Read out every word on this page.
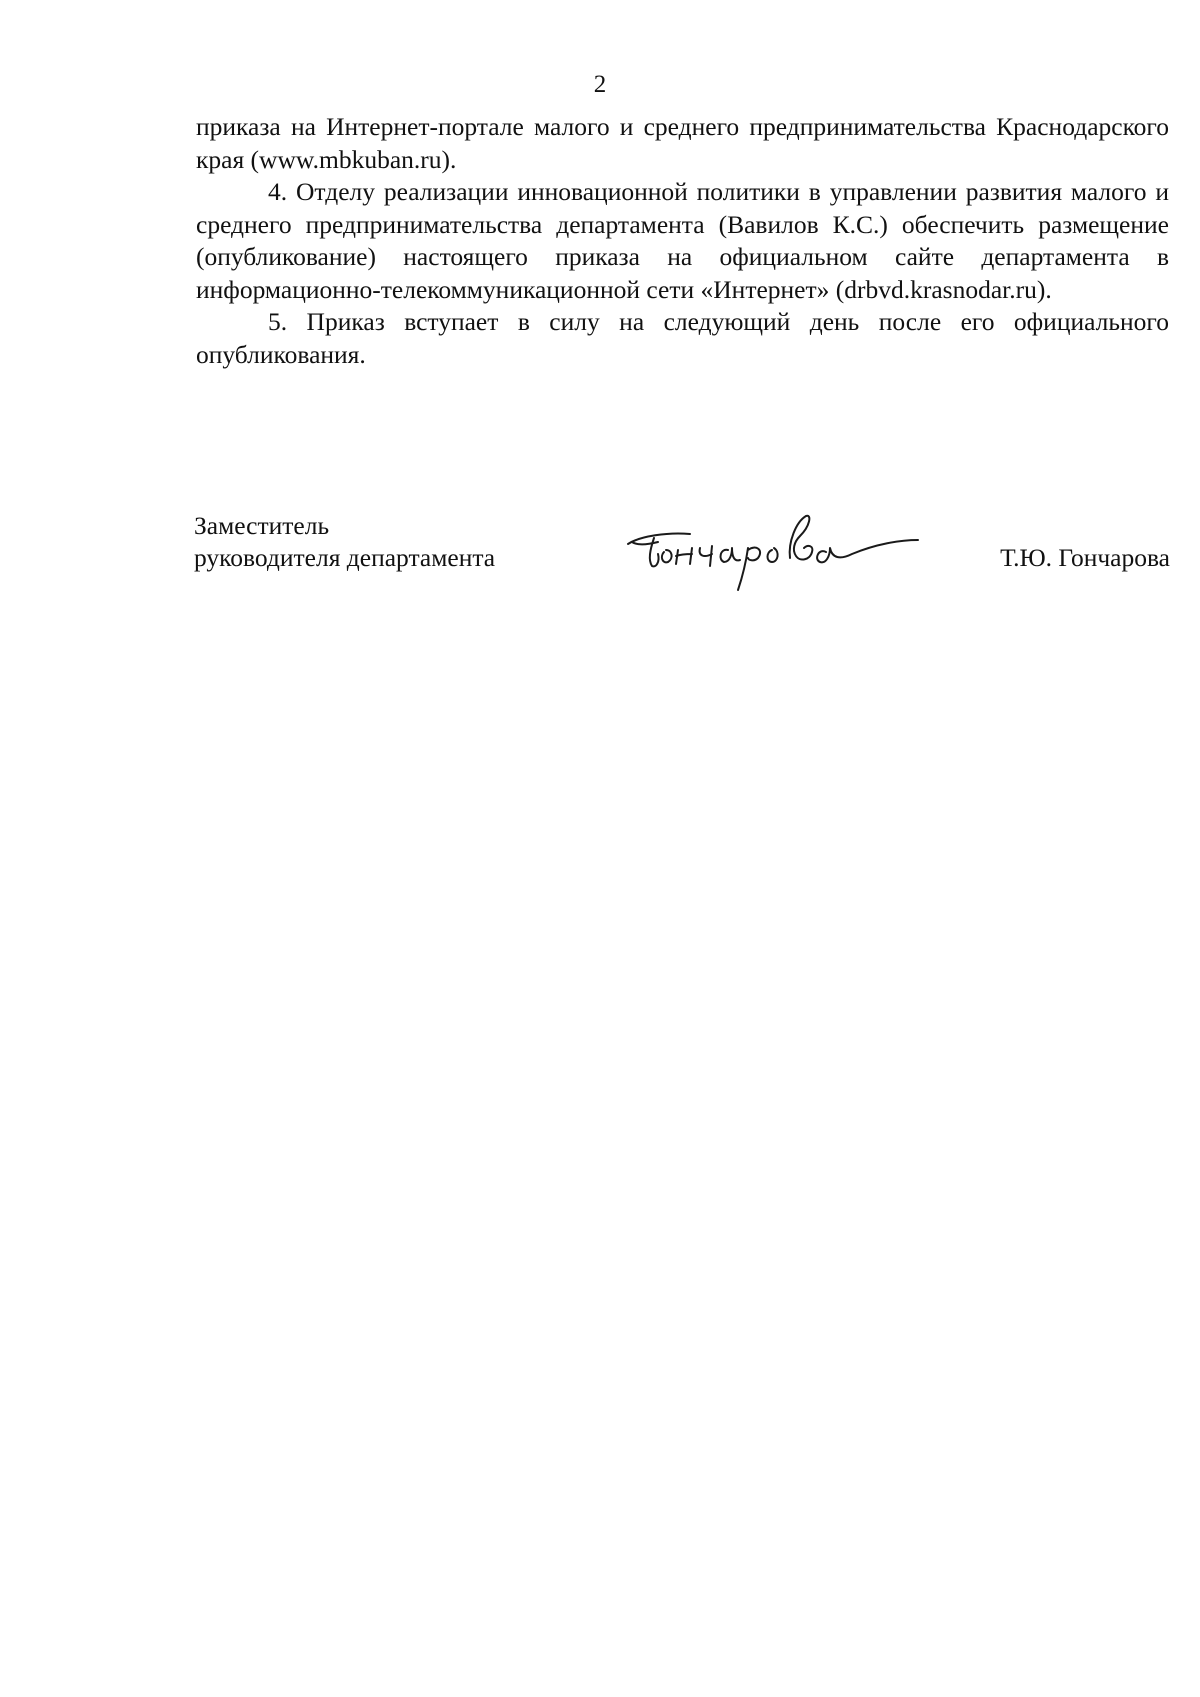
2

приказа на Интернет-портале малого и среднего предпринимательства Краснодарского края (www.mbkuban.ru).

4. Отделу реализации инновационной политики в управлении развития малого и среднего предпринимательства департамента (Вавилов К.С.) обеспечить размещение (опубликование) настоящего приказа на официальном сайте департамента в информационно-телекоммуникационной сети «Интернет» (drbvd.krasnodar.ru).

5. Приказ вступает в силу на следующий день после его официального опубликования.

Заместитель
руководителя департамента	Т.Ю. Гончарова
